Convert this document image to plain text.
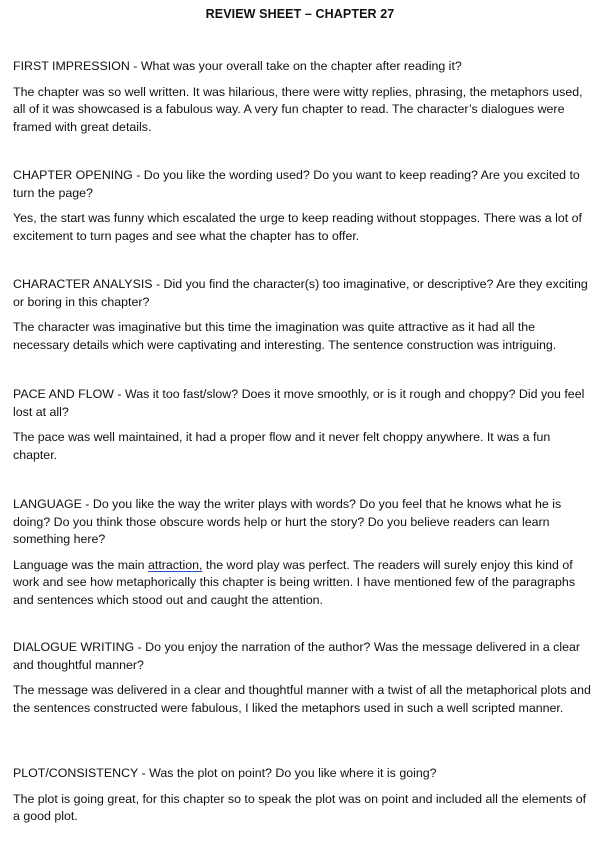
REVIEW SHEET – CHAPTER 27

FIRST IMPRESSION - What was your overall take on the chapter after reading it?

The chapter was so well written. It was hilarious, there were witty replies, phrasing, the metaphors used, all of it was showcased is a fabulous way. A very fun chapter to read. The character’s dialogues were framed with great details.

CHAPTER OPENING - Do you like the wording used? Do you want to keep reading? Are you excited to turn the page?

Yes, the start was funny which escalated the urge to keep reading without stoppages. There was a lot of excitement to turn pages and see what the chapter has to offer.

CHARACTER ANALYSIS - Did you find the character(s) too imaginative, or descriptive? Are they exciting or boring in this chapter?

The character was imaginative but this time the imagination was quite attractive as it had all the necessary details which were captivating and interesting. The sentence construction was intriguing.

PACE AND FLOW - Was it too fast/slow? Does it move smoothly, or is it rough and choppy? Did you feel lost at all?

The pace was well maintained, it had a proper flow and it never felt choppy anywhere. It was a fun chapter.

LANGUAGE - Do you like the way the writer plays with words? Do you feel that he knows what he is doing? Do you think those obscure words help or hurt the story? Do you believe readers can learn something here?

Language was the main attraction, the word play was perfect. The readers will surely enjoy this kind of work and see how metaphorically this chapter is being written. I have mentioned few of the paragraphs and sentences which stood out and caught the attention.

DIALOGUE WRITING - Do you enjoy the narration of the author? Was the message delivered in a clear and thoughtful manner?

The message was delivered in a clear and thoughtful manner with a twist of all the metaphorical plots and the sentences constructed were fabulous, I liked the metaphors used in such a well scripted manner.

PLOT/CONSISTENCY - Was the plot on point? Do you like where it is going?

The plot is going great, for this chapter so to speak the plot was on point and included all the elements of a good plot.
